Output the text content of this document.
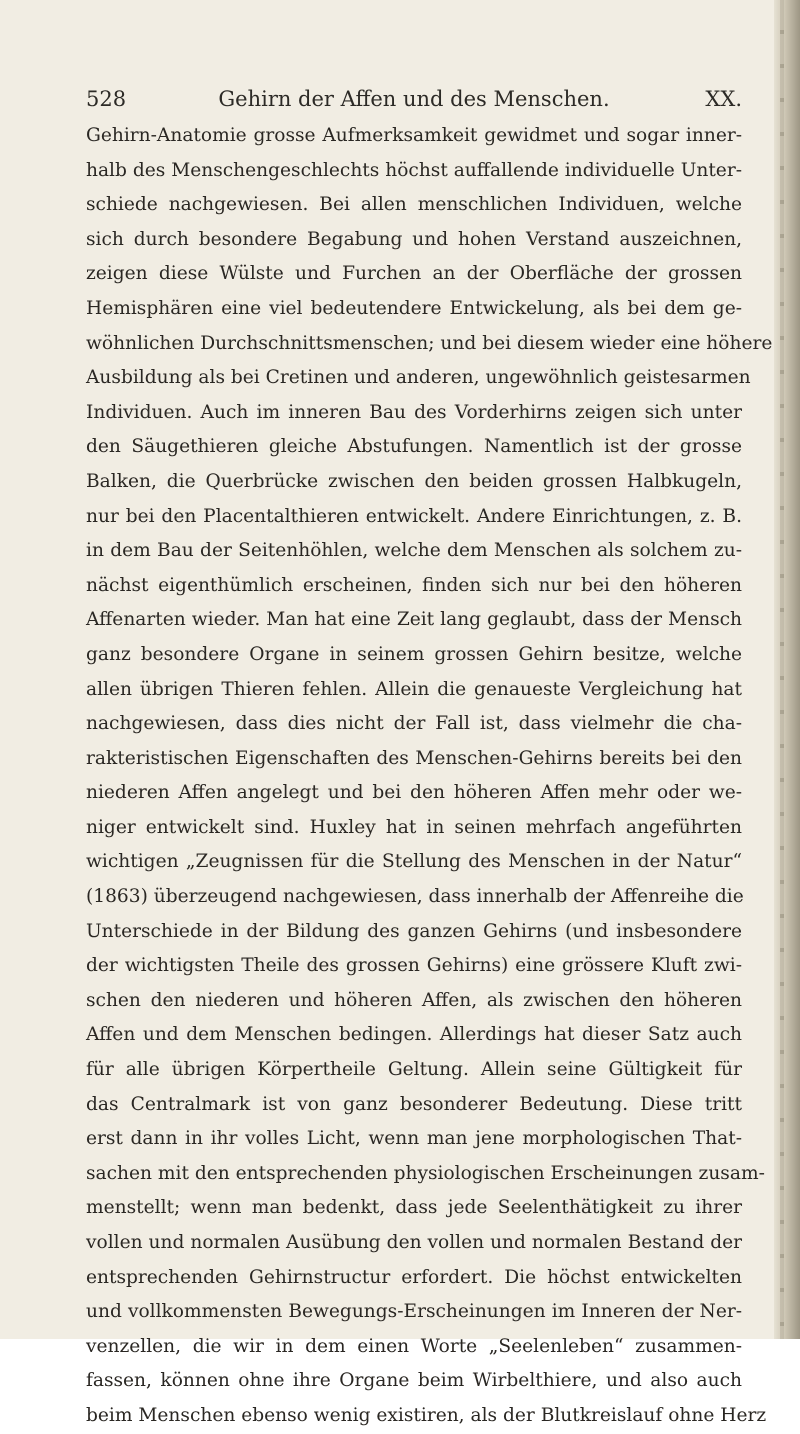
528	Gehirn der Affen und des Menschen.	XX.
Gehirn-Anatomie grosse Aufmerksamkeit gewidmet und sogar inner-
halb des Menschengeschlechts höchst auffallende individuelle Unter-
schiede nachgewiesen. Bei allen menschlichen Individuen, welche
sich durch besondere Begabung und hohen Verstand auszeichnen,
zeigen diese Wülste und Furchen an der Oberfläche der grossen
Hemisphären eine viel bedeutendere Entwickelung, als bei dem ge-
wöhnlichen Durchschnittsmenschen; und bei diesem wieder eine höhere
Ausbildung als bei Cretinen und anderen, ungewöhnlich geistesarmen
Individuen. Auch im inneren Bau des Vorderhirns zeigen sich unter
den Säugethieren gleiche Abstufungen. Namentlich ist der grosse
Balken, die Querbrücke zwischen den beiden grossen Halbkugeln,
nur bei den Placentalthieren entwickelt. Andere Einrichtungen, z. B.
in dem Bau der Seitenhöhlen, welche dem Menschen als solchem zu-
nächst eigenthümlich erscheinen, finden sich nur bei den höheren
Affenarten wieder. Man hat eine Zeit lang geglaubt, dass der Mensch
ganz besondere Organe in seinem grossen Gehirn besitze, welche
allen übrigen Thieren fehlen. Allein die genaueste Vergleichung hat
nachgewiesen, dass dies nicht der Fall ist, dass vielmehr die cha-
rakteristischen Eigenschaften des Menschen-Gehirns bereits bei den
niederen Affen angelegt und bei den höheren Affen mehr oder we-
niger entwickelt sind. Huxley hat in seinen mehrfach angeführten
wichtigen „Zeugnissen für die Stellung des Menschen in der Natur“
(1863) überzeugend nachgewiesen, dass innerhalb der Affenreihe die
Unterschiede in der Bildung des ganzen Gehirns (und insbesondere
der wichtigsten Theile des grossen Gehirns) eine grössere Kluft zwi-
schen den niederen und höheren Affen, als zwischen den höheren
Affen und dem Menschen bedingen. Allerdings hat dieser Satz auch
für alle übrigen Körpertheile Geltung. Allein seine Gültigkeit für
das Centralmark ist von ganz besonderer Bedeutung. Diese tritt
erst dann in ihr volles Licht, wenn man jene morphologischen That-
sachen mit den entsprechenden physiologischen Erscheinungen zusam-
menstellt; wenn man bedenkt, dass jede Seelenthätigkeit zu ihrer
vollen und normalen Ausübung den vollen und normalen Bestand der
entsprechenden Gehirnstructur erfordert. Die höchst entwickelten
und vollkommensten Bewegungs-Erscheinungen im Inneren der Ner-
venzellen, die wir in dem einen Worte „Seelenleben“ zusammen-
fassen, können ohne ihre Organe beim Wirbelthiere, und also auch
beim Menschen ebenso wenig existiren, als der Blutkreislauf ohne Herz
